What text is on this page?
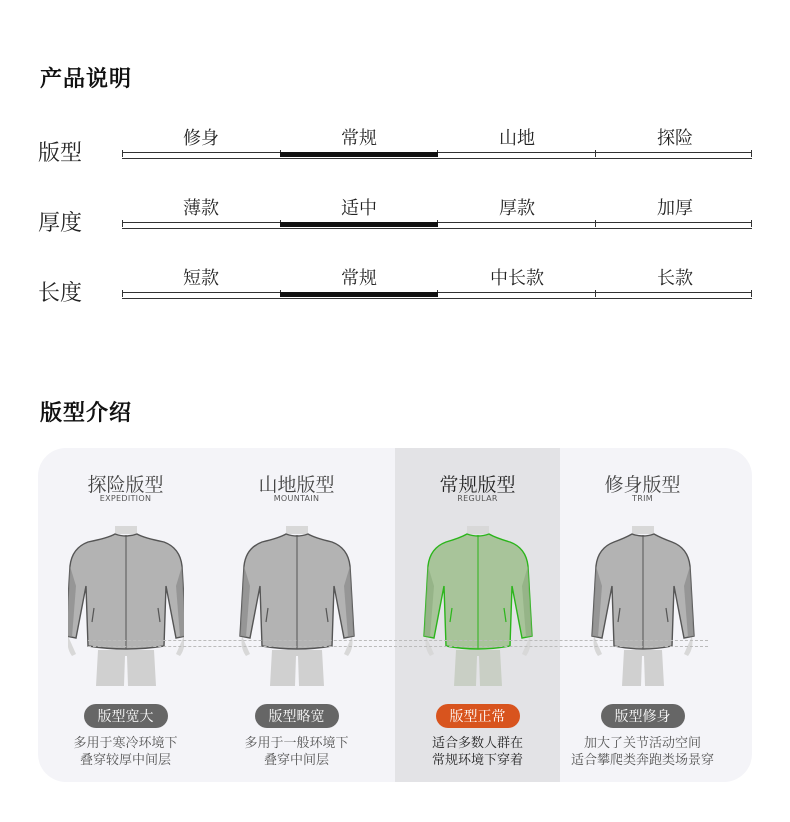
产品说明
版型
修身	常规	山地	探险
厚度
薄款	适中	厚款	加厚
长度
短款	常规	中长款	长款
版型介绍
探险版型
EXPEDITION
版型宽大
多用于寒冷环境下
叠穿较厚中间层
山地版型
MOUNTAIN
版型略宽
多用于一般环境下
叠穿中间层
常规版型
REGULAR
版型正常
适合多数人群在
常规环境下穿着
修身版型
TRIM
版型修身
加大了关节活动空间
适合攀爬类奔跑类场景穿
